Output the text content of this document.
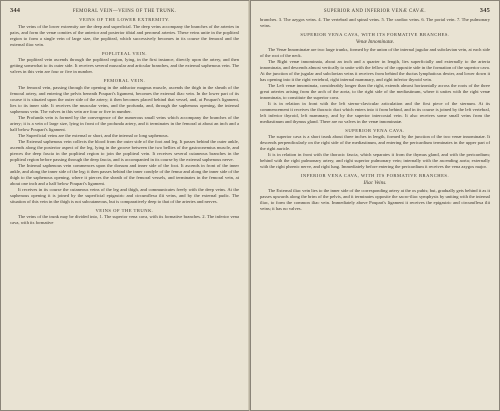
344	FEMORAL VEIN—VEINS OF THE TRUNK.
VEINS OF THE LOWER EXTREMITY.

The veins of the lower extremity are the deep and superficial. The deep veins accompany the branches of the arteries in pairs, and form the venæ comites of the anterior and posterior tibial and peroneal arteries. These veins unite in the popliteal region to form a single vein of large size, the popliteal, which successively becomes in its course the femoral and the external iliac vein.

POPLITEAL VEIN.

The popliteal vein ascends through the popliteal region, lying, in the first instance, directly upon the artery, and then getting somewhat to its outer side. It receives several muscular and articular branches, and the external saphenous vein. The valves in this vein are four or five in number.

FEMORAL VEIN.

The femoral vein, passing through the opening in the adductor magnus muscle, ascends the thigh in the sheath of the femoral artery, and entering the pelvis beneath Poupart's ligament, becomes the external iliac vein. In the lower part of its course it is situated upon the outer side of the artery; it then becomes placed behind that vessel, and, at Poupart's ligament, lies to its inner side. It receives the muscular veins, and the profunda, and, through the saphenous opening, the internal saphenous vein. The valves in this vein are four or five in number.

The Profunda vein is formed by the convergence of the numerous small veins which accompany the branches of the artery; it is a vein of large size, lying in front of the profunda artery, and it terminates in the femoral at about an inch and a half below Poupart's ligament.

The Superficial veins are the external or short, and the internal or long saphenous.

The External saphenous vein collects the blood from the outer side of the foot and leg. It passes behind the outer ankle, ascends along the posterior aspect of the leg, lying in the groove between the two bellies of the gastrocnemius muscle, and pierces the deep fascia in the popliteal region to join the popliteal vein. It receives several cutaneous branches in the popliteal region before passing through the deep fascia, and is accompanied in its course by the external saphenous nerve.

The Internal saphenous vein commences upon the dorsum and inner side of the foot. It ascends in front of the inner ankle, and along the inner side of the leg; it then passes behind the inner condyle of the femur and along the inner side of the thigh to the saphenous opening, where it pierces the sheath of the femoral vessels, and terminates in the femoral vein, at about one inch and a half below Poupart's ligament.

It receives in its course the cutaneous veins of the leg and thigh, and communicates freely with the deep veins. At the saphenous opening it is joined by the superficial epigastric and circumflexa ilii veins, and by the external pudic. The situation of this vein in the thigh is not subcutaneous, but is comparatively deep to that of the arteries and nerves.

VEINS OF THE TRUNK.

The veins of the trunk may be divided into, 1. The superior vena cava, with its formative branches. 2. The inferior vena cava, with its formative

SUPERIOR AND INFERIOR VENÆ CAVÆ.	345

branches. 3. The azygos veins. 4. The vertebral and spinal veins. 5. The cardiac veins. 6. The portal vein. 7. The pulmonary veins.

SUPERIOR VENA CAVA, WITH ITS FORMATIVE BRANCHES.
Venæ Innominatæ.

The Venæ Innominatæ are two large trunks, formed by the union of the internal jugular and subclavian vein, at each side of the root of the neck.

The Right venæ innominata, about an inch and a quarter in length, lies superficially and externally to the arteria innominata, and descends almost vertically to unite with the fellow of the opposite side in the formation of the superior cava. At the junction of the jugular and subclavian veins it receives from behind the ductus lymphaticus dexter, and lower down it has opening into it the right vertebral, right internal mammary, and right inferior thyroid vein.

The Left venæ innominata, considerably longer than the right, extends almost horizontally across the roots of the three great arteries arising from the arch of the aorta, to the right side of the mediastinum, where it unites with the right venæ innominata, to constitute the superior cava.

It is in relation in front with the left sterno-clavicular articulation and the first piece of the sternum. At its commencement it receives the thoracic duct which enters into it from behind, and in its course is joined by the left vertebral, left inferior thyroid, left mammary, and by the superior intercostal vein. It also receives some small veins from the mediastinum and thymus gland. There are no valves in the venæ innominatæ.

SUPERIOR VENA CAVA.

The superior cava is a short trunk about three inches in length, formed by the junction of the two venæ innominatæ. It descends perpendicularly on the right side of the mediastinum, and entering the pericardium terminates in the upper part of the right auricle.

It is in relation in front with the thoracic fascia, which separates it from the thymus gland, and with the pericardium; behind with the right pulmonary artery, and right superior pulmonary vein; internally with the ascending aorta; externally with the right phrenic nerve, and right lung. Immediately before entering the pericardium it receives the vena azygos major.

INFERIOR VENA CAVA, WITH ITS FORMATIVE BRANCHES.
Iliac Veins.

The External iliac vein lies to the inner side of the corresponding artery at the os pubis; but, gradually gets behind it as it passes upwards along the brim of the pelvis, and it terminates opposite the sacro-iliac symphysis by uniting with the internal iliac, to form the common iliac vein. Immediately above Poupart's ligament it receives the epigastric and circumflexa ilii veins; it has no valves.
